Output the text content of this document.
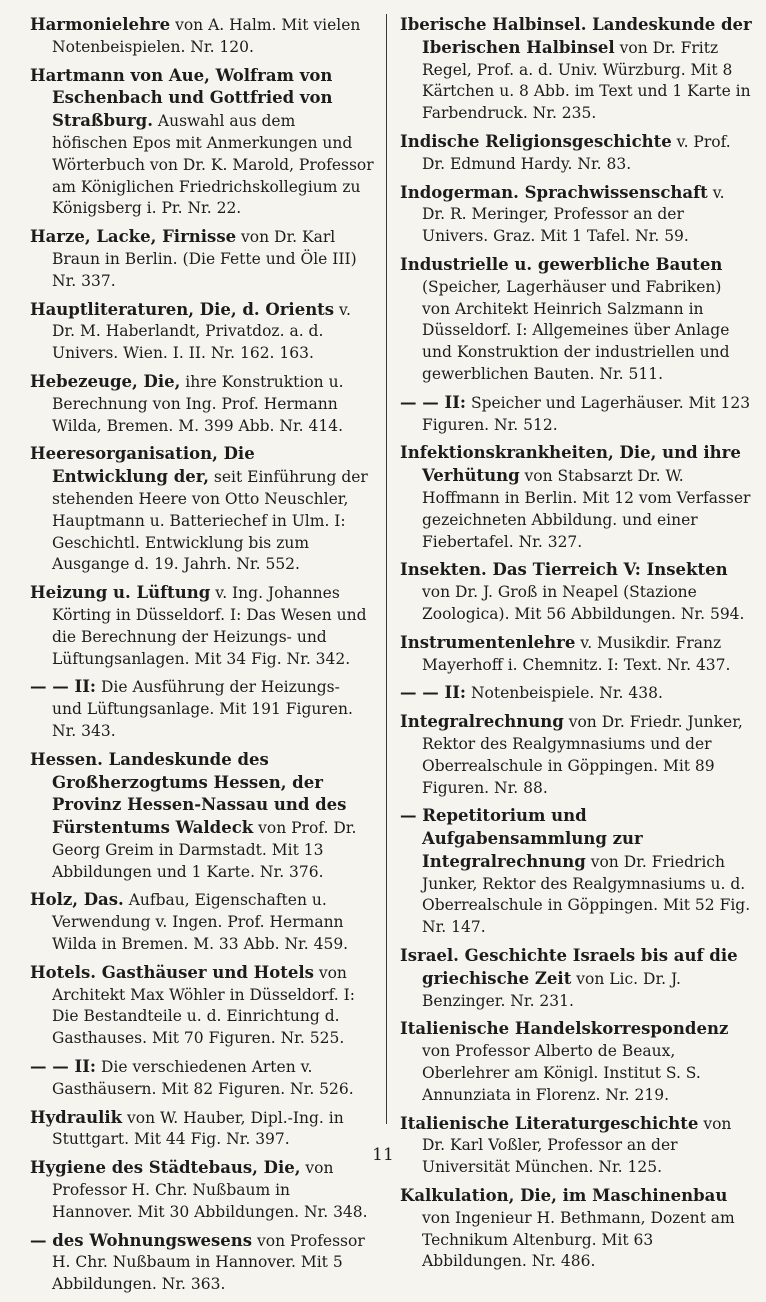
Harmonielehre von A. Halm. Mit vielen Notenbeispielen. Nr. 120.

Hartmann von Aue, Wolfram von Eschenbach und Gottfried von Straßburg. Auswahl aus dem höfischen Epos mit Anmerkungen und Wörterbuch von Dr. K. Marold, Professor am Königlichen Friedrichskollegium zu Königsberg i. Pr. Nr. 22.

Harze, Lacke, Firnisse von Dr. Karl Braun in Berlin. (Die Fette und Öle III) Nr. 337.

Hauptliteraturen, Die, d. Orients v. Dr. M. Haberlandt, Privatdoz. a. d. Univers. Wien. I. II. Nr. 162. 163.

Hebezeuge, Die, ihre Konstruktion u. Berechnung von Ing. Prof. Hermann Wilda, Bremen. M. 399 Abb. Nr. 414.

Heeresorganisation, Die Entwicklung der, seit Einführung der stehenden Heere von Otto Neuschler, Hauptmann u. Batteriechef in Ulm. I: Geschichtl. Entwicklung bis zum Ausgange d. 19. Jahrh. Nr. 552.

Heizung u. Lüftung v. Ing. Johannes Körting in Düsseldorf. I: Das Wesen und die Berechnung der Heizungs- und Lüftungsanlagen. Mit 34 Fig. Nr. 342.

— — II: Die Ausführung der Heizungs- und Lüftungsanlage. Mit 191 Figuren. Nr. 343.

Hessen. Landeskunde des Großherzogtums Hessen, der Provinz Hessen-Nassau und des Fürstentums Waldeck von Prof. Dr. Georg Greim in Darmstadt. Mit 13 Abbildungen und 1 Karte. Nr. 376.

Holz, Das. Aufbau, Eigenschaften u. Verwendung v. Ingen. Prof. Hermann Wilda in Bremen. M. 33 Abb. Nr. 459.

Hotels. Gasthäuser und Hotels von Architekt Max Wöhler in Düsseldorf. I: Die Bestandteile u. d. Einrichtung d. Gasthauses. Mit 70 Figuren. Nr. 525.

— — II: Die verschiedenen Arten v. Gasthäusern. Mit 82 Figuren. Nr. 526.

Hydraulik von W. Hauber, Dipl.-Ing. in Stuttgart. Mit 44 Fig. Nr. 397.

Hygiene des Städtebaus, Die, von Professor H. Chr. Nußbaum in Hannover. Mit 30 Abbildungen. Nr. 348.

— des Wohnungswesens von Professor H. Chr. Nußbaum in Hannover. Mit 5 Abbildungen. Nr. 363.

Iberische Halbinsel. Landeskunde der Iberischen Halbinsel von Dr. Fritz Regel, Prof. a. d. Univ. Würzburg. Mit 8 Kärtchen u. 8 Abb. im Text und 1 Karte in Farbendruck. Nr. 235.

Indische Religionsgeschichte v. Prof. Dr. Edmund Hardy. Nr. 83.

Indogerman. Sprachwissenschaft v. Dr. R. Meringer, Professor an der Univers. Graz. Mit 1 Tafel. Nr. 59.

Industrielle u. gewerbliche Bauten (Speicher, Lagerhäuser und Fabriken) von Architekt Heinrich Salzmann in Düsseldorf. I: Allgemeines über Anlage und Konstruktion der industriellen und gewerblichen Bauten. Nr. 511.

— — II: Speicher und Lagerhäuser. Mit 123 Figuren. Nr. 512.

Infektionskrankheiten, Die, und ihre Verhütung von Stabsarzt Dr. W. Hoffmann in Berlin. Mit 12 vom Verfasser gezeichneten Abbildung. und einer Fiebertafel. Nr. 327.

Insekten. Das Tierreich V: Insekten von Dr. J. Groß in Neapel (Stazione Zoologica). Mit 56 Abbildungen. Nr. 594.

Instrumentenlehre v. Musikdir. Franz Mayerhoff i. Chemnitz. I: Text. Nr. 437.

— — II: Notenbeispiele. Nr. 438.

Integralrechnung von Dr. Friedr. Junker, Rektor des Realgymnasiums und der Oberrealschule in Göppingen. Mit 89 Figuren. Nr. 88.

— Repetitorium und Aufgabensammlung zur Integralrechnung von Dr. Friedrich Junker, Rektor des Realgymnasiums u. d. Oberrealschule in Göppingen. Mit 52 Fig. Nr. 147.

Israel. Geschichte Israels bis auf die griechische Zeit von Lic. Dr. J. Benzinger. Nr. 231.

Italienische Handelskorrespondenz von Professor Alberto de Beaux, Oberlehrer am Königl. Institut S. S. Annunziata in Florenz. Nr. 219.

Italienische Literaturgeschichte von Dr. Karl Voßler, Professor an der Universität München. Nr. 125.

Kalkulation, Die, im Maschinenbau von Ingenieur H. Bethmann, Dozent am Technikum Altenburg. Mit 63 Abbildungen. Nr. 486.

11
